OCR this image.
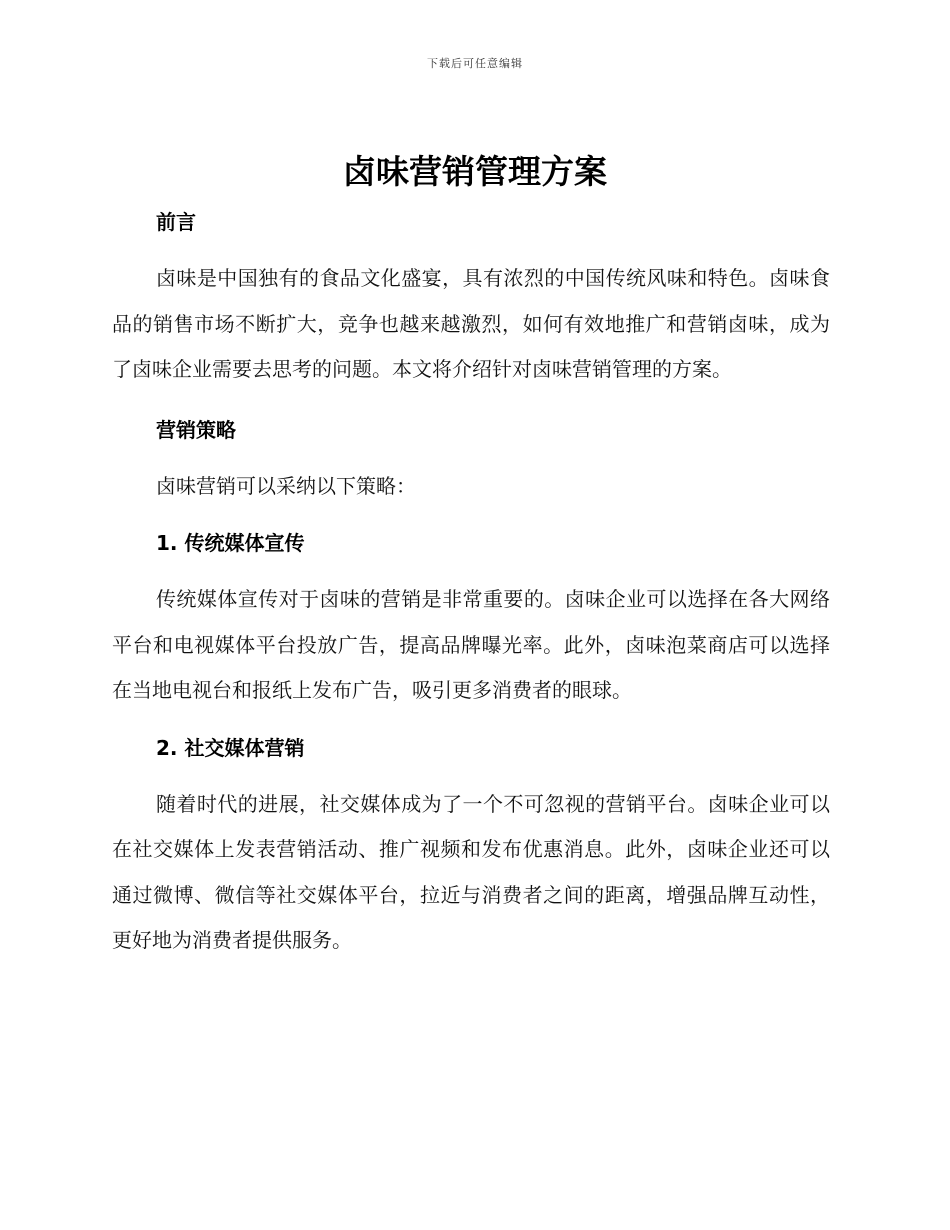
下载后可任意编辑
卤味营销管理方案
前言

卤味是中国独有的食品文化盛宴，具有浓烈的中国传统风味和特色。卤味食品的销售市场不断扩大，竞争也越来越激烈，如何有效地推广和营销卤味，成为了卤味企业需要去思考的问题。本文将介绍针对卤味营销管理的方案。

营销策略

卤味营销可以采纳以下策略：

1. 传统媒体宣传

传统媒体宣传对于卤味的营销是非常重要的。卤味企业可以选择在各大网络平台和电视媒体平台投放广告，提高品牌曝光率。此外，卤味泡菜商店可以选择在当地电视台和报纸上发布广告，吸引更多消费者的眼球。

2. 社交媒体营销

随着时代的进展，社交媒体成为了一个不可忽视的营销平台。卤味企业可以在社交媒体上发表营销活动、推广视频和发布优惠消息。此外，卤味企业还可以通过微博、微信等社交媒体平台，拉近与消费者之间的距离，增强品牌互动性，更好地为消费者提供服务。
